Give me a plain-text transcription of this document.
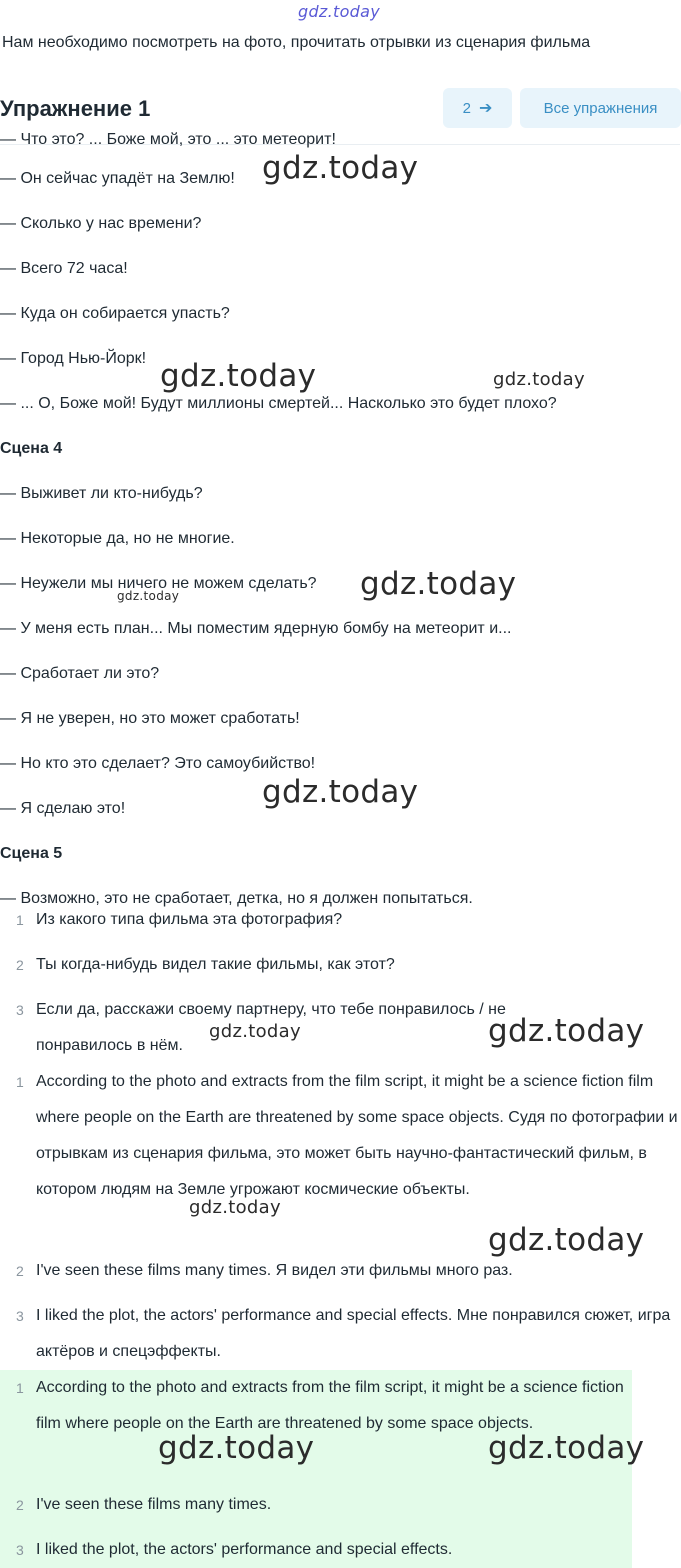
gdz.today
Нам необходимо посмотреть на фото, прочитать отрывки из сценария фильма
Упражнение 1	2 ➔	Все упражнения
— Что это? ... Боже мой, это ... это метеорит!
— Он сейчас упадёт на Землю!
— Сколько у нас времени?
— Всего 72 часа!
— Куда он собирается упасть?
— Город Нью-Йорк!
— ... О, Боже мой! Будут миллионы смертей... Насколько это будет плохо?
Сцена 4
— Выживет ли кто-нибудь?
— Некоторые да, но не многие.
— Неужели мы ничего не можем сделать?
— У меня есть план... Мы поместим ядерную бомбу на метеорит и...
— Сработает ли это?
— Я не уверен, но это может сработать!
— Но кто это сделает? Это самоубийство!
— Я сделаю это!
Сцена 5
— Возможно, это не сработает, детка, но я должен попытаться.
1 Из какого типа фильма эта фотография?
2 Ты когда-нибудь видел такие фильмы, как этот?
3 Если да, расскажи своему партнеру, что тебе понравилось / не понравилось в нём.
1 According to the photo and extracts from the film script, it might be a science fiction film where people on the Earth are threatened by some space objects. Судя по фотографии и отрывкам из сценария фильма, это может быть научно-фантастический фильм, в котором людям на Земле угрожают космические объекты.
2 I've seen these films many times. Я видел эти фильмы много раз.
3 I liked the plot, the actors' performance and special effects. Мне понравился сюжет, игра актёров и спецэффекты.
1 According to the photo and extracts from the film script, it might be a science fiction film where people on the Earth are threatened by some space objects.
2 I've seen these films many times.
3 I liked the plot, the actors' performance and special effects.
gdz.today
gdz.today	gdz.today
gdz.today
gdz.today
gdz.today
gdz.today	gdz.today
gdz.today
gdz.today
gdz.today	gdz.today
